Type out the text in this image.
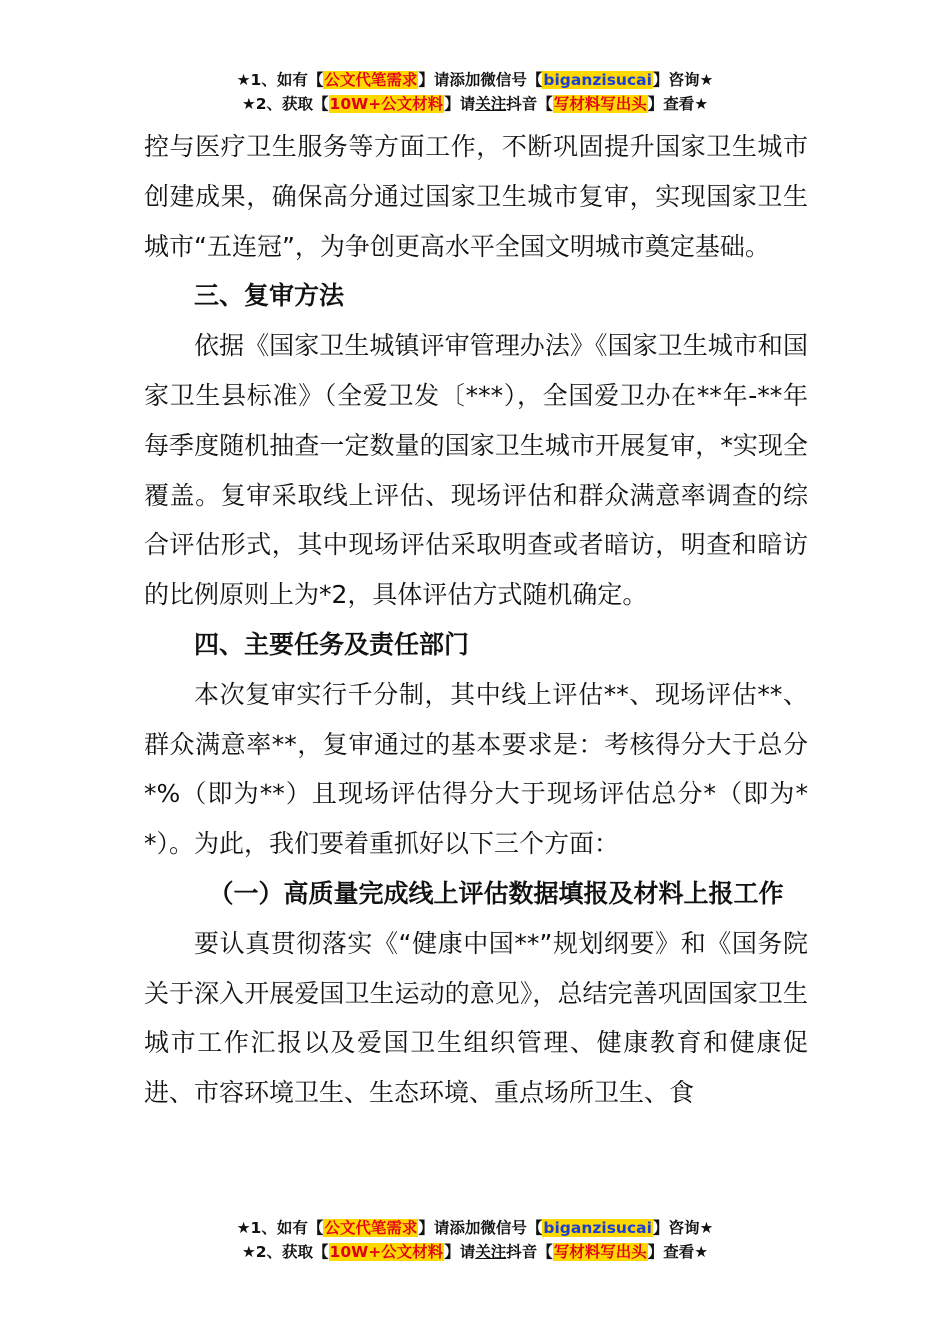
★1、如有【公文代笔需求】请添加微信号【biganzisucai】咨询★
★2、获取【10W+公文材料】请关注抖音【写材料写出头】查看★

控与医疗卫生服务等方面工作，不断巩固提升国家卫生城市创建成果，确保高分通过国家卫生城市复审，实现国家卫生城市“五连冠”，为争创更高水平全国文明城市奠定基础。

三、复审方法

依据《国家卫生城镇评审管理办法》《国家卫生城市和国家卫生县标准》（全爱卫发〔***），全国爱卫办在**年-**年每季度随机抽查一定数量的国家卫生城市开展复审，*实现全覆盖。复审采取线上评估、现场评估和群众满意率调查的综合评估形式，其中现场评估采取明查或者暗访，明查和暗访的比例原则上为*2，具体评估方式随机确定。

四、主要任务及责任部门

本次复审实行千分制，其中线上评估**、现场评估**、群众满意率**，复审通过的基本要求是：考核得分大于总分*%（即为**）且现场评估得分大于现场评估总分*（即为**）。为此，我们要着重抓好以下三个方面：

（一）高质量完成线上评估数据填报及材料上报工作

要认真贯彻落实《“健康中国**”规划纲要》和《国务院关于深入开展爱国卫生运动的意见》，总结完善巩固国家卫生城市工作汇报以及爱国卫生组织管理、健康教育和健康促进、市容环境卫生、生态环境、重点场所卫生、食

★1、如有【公文代笔需求】请添加微信号【biganzisucai】咨询★
★2、获取【10W+公文材料】请关注抖音【写材料写出头】查看★
